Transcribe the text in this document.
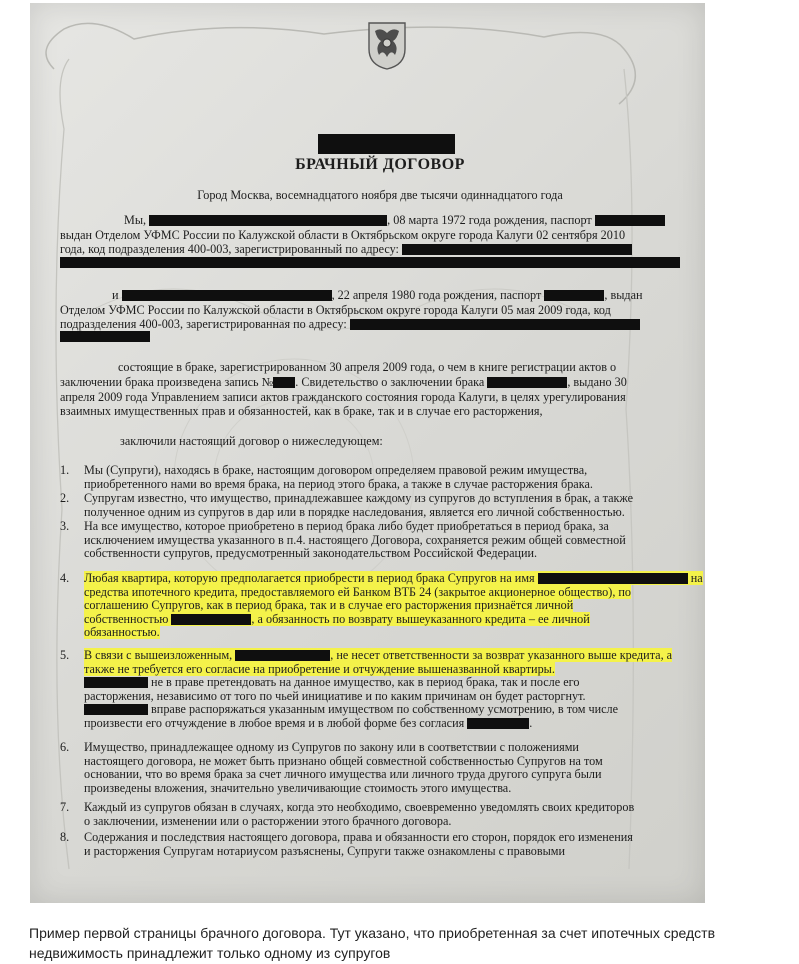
БРАЧНЫЙ ДОГОВОР
Город Москва, восемнадцатого ноября две тысячи одиннадцатого года
Мы,	, 08 марта 1972 года рождения, паспорт
выдан Отделом УФМС России по Калужской области в Октябрьском округе города Калуги 02 сентября 2010
года, код подразделения 400-003, зарегистрированный по адресу:
и	, 22 апреля 1980 года рождения, паспорт	, выдан
Отделом УФМС России по Калужской области в Октябрьском округе города Калуги 05 мая 2009 года, код
подразделения 400-003, зарегистрированная по адресу:
состоящие в браке, зарегистрированном 30 апреля 2009 года, о чем в книге регистрации актов о
заключении брака произведена запись № . Свидетельство о заключении брака	, выдано 30
апреля 2009 года Управлением записи актов гражданского состояния города Калуги, в целях урегулирования
взаимных имущественных прав и обязанностей, как в браке, так и в случае его расторжения,
заключили настоящий договор о нижеследующем:
1.	Мы (Супруги), находясь в браке, настоящим договором определяем правовой режим имущества,
приобретенного нами во время брака, на период этого брака, а также в случае расторжения брака.
2.	Супругам известно, что имущество, принадлежавшее каждому из супругов до вступления в брак, а также
полученное одним из супругов в дар или в порядке наследования, является его личной собственностью.
3.	На все имущество, которое приобретено в период брака либо будет приобретаться в период брака, за
исключением имущества указанного в п.4. настоящего Договора, сохраняется режим общей совместной
собственности супругов, предусмотренный законодательством Российской Федерации.
4.	Любая квартира, которую предполагается приобрести в период брака Супругов на имя	на
средства ипотечного кредита, предоставляемого ей Банком ВТБ 24 (закрытое акционерное общество), по
соглашению Супругов, как в период брака, так и в случае его расторжения признаётся личной
собственностью	, а обязанность по возврату вышеуказанного кредита – ее личной
обязанностью.
5.	В связи с вышеизложенным,	, не несет ответственности за возврат указанного выше кредита, а
также не требуется его согласие на приобретение и отчуждение вышеназванной квартиры.
не в праве претендовать на данное имущество, как в период брака, так и после его
расторжения, независимо от того по чьей инициативе и по каким причинам он будет расторгнут.
вправе распоряжаться указанным имуществом по собственному усмотрению, в том числе
произвести его отчуждение в любое время и в любой форме без согласия	.
6.	Имущество, принадлежащее одному из Супругов по закону или в соответствии с положениями
настоящего договора, не может быть признано общей совместной собственностью Супругов на том
основании, что во время брака за счет личного имущества или личного труда другого супруга были
произведены вложения, значительно увеличивающие стоимость этого имущества.
7.	Каждый из супругов обязан в случаях, когда это необходимо, своевременно уведомлять своих кредиторов
о заключении, изменении или о расторжении этого брачного договора.
8.	Содержания и последствия настоящего договора, права и обязанности его сторон, порядок его изменения
и расторжения Супругам нотариусом разъяснены, Супруги также ознакомлены с правовыми
Пример первой страницы брачного договора. Тут указано, что приобретенная за счет ипотечных средств недвижимость принадлежит только одному из супругов
